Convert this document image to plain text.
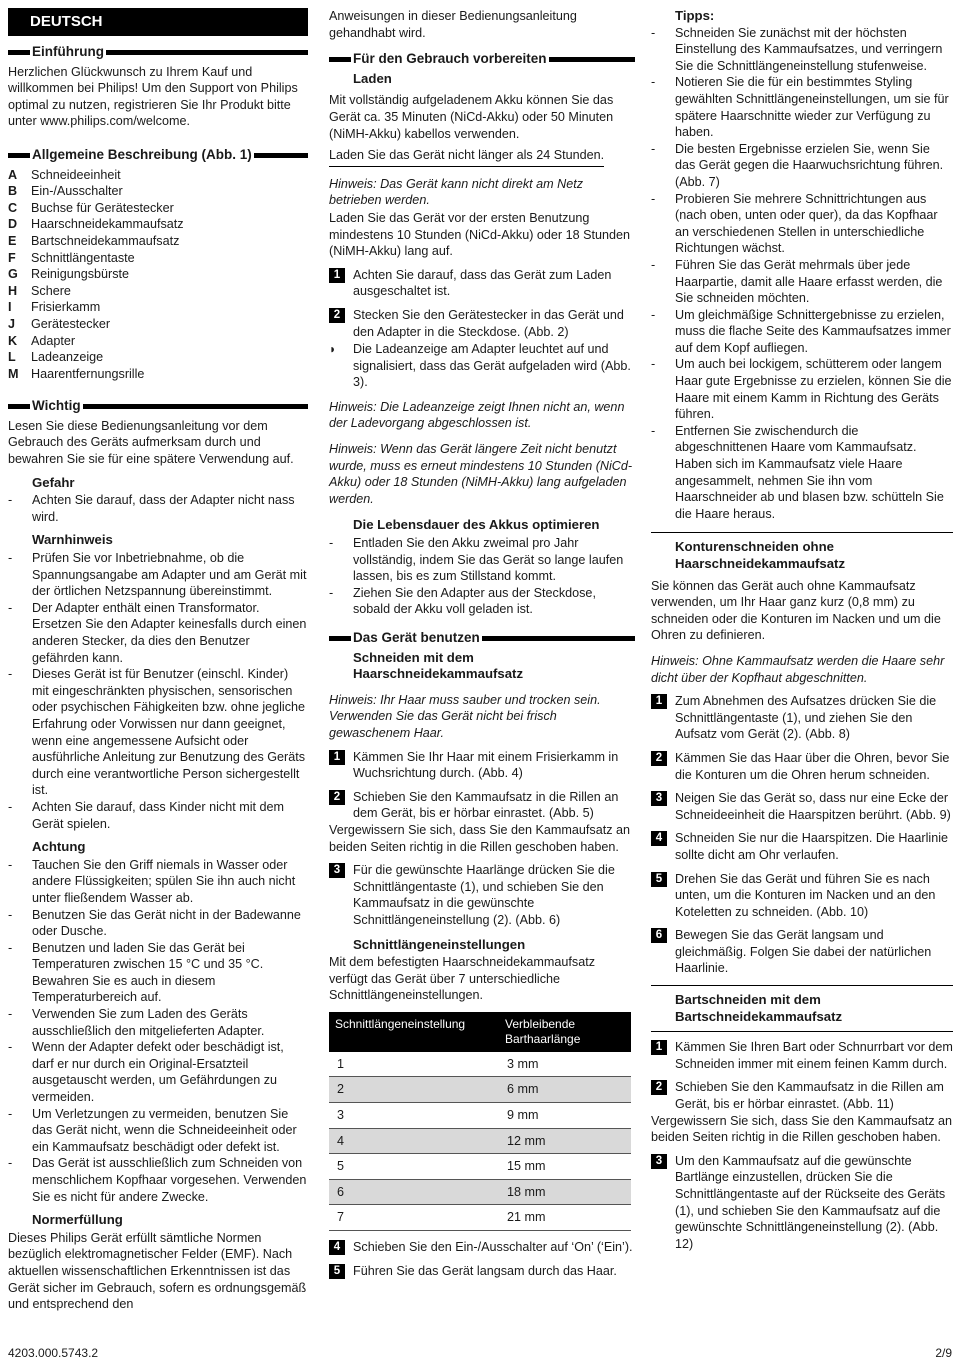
DEUTSCH
Einführung

Herzlichen Glückwunsch zu Ihrem Kauf und willkommen bei Philips! Um den Support von Philips optimal zu nutzen, registrieren Sie Ihr Produkt bitte unter www.philips.com/welcome.

Allgemeine Beschreibung (Abb. 1)
A	Schneideeinheit
B	Ein-/Ausschalter
C	Buchse für Gerätestecker
D	Haarschneidekammaufsatz
E	Bartschneidekammaufsatz
F	Schnittlängentaste
G	Reinigungsbürste
H	Schere
I	Frisierkamm
J	Gerätestecker
K	Adapter
L	Ladeanzeige
M Haarentfernungsrille
Wichtig

Lesen Sie diese Bedienungsanleitung vor dem Gebrauch des Geräts aufmerksam durch und bewahren Sie sie für eine spätere Verwendung auf.

Gefahr
- Achten Sie darauf, dass der Adapter nicht nass wird.
Warnhinweis
- Prüfen Sie vor Inbetriebnahme, ob die Spannungsangabe am Adapter und am Gerät mit der örtlichen Netzspannung übereinstimmt.
- Der Adapter enthält einen Transformator. Ersetzen Sie den Adapter keinesfalls durch einen anderen Stecker, da dies den Benutzer gefährden kann.
- Dieses Gerät ist für Benutzer (einschl. Kinder) mit eingeschränkten physischen, sensorischen oder psychischen Fähigkeiten bzw. ohne jegliche Erfahrung oder Vorwissen nur dann geeignet, wenn eine angemessene Aufsicht oder ausführliche Anleitung zur Benutzung des Geräts durch eine verantwortliche Person sichergestellt ist.
- Achten Sie darauf, dass Kinder nicht mit dem Gerät spielen.
Achtung
- Tauchen Sie den Griff niemals in Wasser oder andere Flüssigkeiten; spülen Sie ihn auch nicht unter fließendem Wasser ab.
- Benutzen Sie das Gerät nicht in der Badewanne oder Dusche.
- Benutzen und laden Sie das Gerät bei Temperaturen zwischen 15 °C und 35 °C. Bewahren Sie es auch in diesem Temperaturbereich auf.
- Verwenden Sie zum Laden des Geräts ausschließlich den mitgelieferten Adapter.
- Wenn der Adapter defekt oder beschädigt ist, darf er nur durch ein Original-Ersatzteil ausgetauscht werden, um Gefährdungen zu vermeiden.
- Um Verletzungen zu vermeiden, benutzen Sie das Gerät nicht, wenn die Schneideeinheit oder ein Kammaufsatz beschädigt oder defekt ist.
- Das Gerät ist ausschließlich zum Schneiden von menschlichem Kopfhaar vorgesehen. Verwenden Sie es nicht für andere Zwecke.
Normerfüllung

Dieses Philips Gerät erfüllt sämtliche Normen bezüglich elektromagnetischer Felder (EMF). Nach aktuellen wissenschaftlichen Erkenntnissen ist das Gerät sicher im Gebrauch, sofern es ordnungsgemäß und entsprechend den

Anweisungen in dieser Bedienungsanleitung gehandhabt wird.

Für den Gebrauch vorbereiten
Laden

Mit vollständig aufgeladenem Akku können Sie das Gerät ca. 35 Minuten (NiCd-Akku) oder 50 Minuten (NiMH-Akku) kabellos verwenden.

Laden Sie das Gerät nicht länger als 24 Stunden.

Hinweis: Das Gerät kann nicht direkt am Netz betrieben werden.

Laden Sie das Gerät vor der ersten Benutzung mindestens 10 Stunden (NiCd-Akku) oder 18 Stunden (NiMH-Akku) lang auf.

1	Achten Sie darauf, dass das Gerät zum Laden ausgeschaltet ist.
2	Stecken Sie den Gerätestecker in das Gerät und den Adapter in die Steckdose. (Abb. 2)
◗	Die Ladeanzeige am Adapter leuchtet auf und signalisiert, dass das Gerät aufgeladen wird (Abb. 3).

Hinweis: Die Ladeanzeige zeigt Ihnen nicht an, wenn der Ladevorgang abgeschlossen ist.

Hinweis: Wenn das Gerät längere Zeit nicht benutzt wurde, muss es erneut mindestens 10 Stunden (NiCd-Akku) oder 18 Stunden (NiMH-Akku) lang aufgeladen werden.

Die Lebensdauer des Akkus optimieren
- Entladen Sie den Akku zweimal pro Jahr vollständig, indem Sie das Gerät so lange laufen lassen, bis es zum Stillstand kommt.
- Ziehen Sie den Adapter aus der Steckdose, sobald der Akku voll geladen ist.
Das Gerät benutzen
Schneiden mit dem Haarschneidekammaufsatz

Hinweis: Ihr Haar muss sauber und trocken sein. Verwenden Sie das Gerät nicht bei frisch gewaschenem Haar.

1	Kämmen Sie Ihr Haar mit einem Frisierkamm in Wuchsrichtung durch. (Abb. 4)
2	Schieben Sie den Kammaufsatz in die Rillen an dem Gerät, bis er hörbar einrastet. (Abb. 5)

Vergewissern Sie sich, dass Sie den Kammaufsatz an beiden Seiten richtig in die Rillen geschoben haben.

3	Für die gewünschte Haarlänge drücken Sie die Schnittlängentaste (1), und schieben Sie den Kammaufsatz in die gewünschte Schnittlängeneinstellung (2). (Abb. 6)
Schnittlängeneinstellungen

Mit dem befestigten Haarschneidekammaufsatz verfügt das Gerät über 7 unterschiedliche Schnittlängeneinstellungen.

Schnittlängeneinstellung	Verbleibende Barthaarlänge
1	3 mm
2	6 mm
3	9 mm
4	12 mm
5	15 mm
6	18 mm
7	21 mm
4	Schieben Sie den Ein-/Ausschalter auf ‘On’ (‘Ein’).
5	Führen Sie das Gerät langsam durch das Haar.
Tipps:
- Schneiden Sie zunächst mit der höchsten Einstellung des Kammaufsatzes, und verringern Sie die Schnittlängeneinstellung stufenweise.
- Notieren Sie die für ein bestimmtes Styling gewählten Schnittlängeneinstellungen, um sie für spätere Haarschnitte wieder zur Verfügung zu haben.
- Die besten Ergebnisse erzielen Sie, wenn Sie das Gerät gegen die Haarwuchsrichtung führen. (Abb. 7)
- Probieren Sie mehrere Schnittrichtungen aus (nach oben, unten oder quer), da das Kopfhaar an verschiedenen Stellen in unterschiedliche Richtungen wächst.
- Führen Sie das Gerät mehrmals über jede Haarpartie, damit alle Haare erfasst werden, die Sie schneiden möchten.
- Um gleichmäßige Schnittergebnisse zu erzielen, muss die flache Seite des Kammaufsatzes immer auf dem Kopf aufliegen.
- Um auch bei lockigem, schütterem oder langem Haar gute Ergebnisse zu erzielen, können Sie die Haare mit einem Kamm in Richtung des Geräts führen.
- Entfernen Sie zwischendurch die abgeschnittenen Haare vom Kammaufsatz. Haben sich im Kammaufsatz viele Haare angesammelt, nehmen Sie ihn vom Haarschneider ab und blasen bzw. schütteln Sie die Haare heraus.
Konturenschneiden ohne Haarschneidekammaufsatz

Sie können das Gerät auch ohne Kammaufsatz verwenden, um Ihr Haar ganz kurz (0,8 mm) zu schneiden oder die Konturen im Nacken und um die Ohren zu definieren.

Hinweis: Ohne Kammaufsatz werden die Haare sehr dicht über der Kopfhaut abgeschnitten.

1	Zum Abnehmen des Aufsatzes drücken Sie die Schnittlängentaste (1), und ziehen Sie den Aufsatz vom Gerät (2). (Abb. 8)
2	Kämmen Sie das Haar über die Ohren, bevor Sie die Konturen um die Ohren herum schneiden.
3	Neigen Sie das Gerät so, dass nur eine Ecke der Schneideeinheit die Haarspitzen berührt. (Abb. 9)
4	Schneiden Sie nur die Haarspitzen. Die Haarlinie sollte dicht am Ohr verlaufen.
5	Drehen Sie das Gerät und führen Sie es nach unten, um die Konturen im Nacken und an den Koteletten zu schneiden. (Abb. 10)
6	Bewegen Sie das Gerät langsam und gleichmäßig. Folgen Sie dabei der natürlichen Haarlinie.
Bartschneiden mit dem Bartschneidekammaufsatz
1	Kämmen Sie Ihren Bart oder Schnurrbart vor dem Schneiden immer mit einem feinen Kamm durch.
2	Schieben Sie den Kammaufsatz in die Rillen am Gerät, bis er hörbar einrastet. (Abb. 11)

Vergewissern Sie sich, dass Sie den Kammaufsatz an beiden Seiten richtig in die Rillen geschoben haben.

3	Um den Kammaufsatz auf die gewünschte Bartlänge einzustellen, drücken Sie die Schnittlängentaste auf der Rückseite des Geräts (1), und schieben Sie den Kammaufsatz auf die gewünschte Schnittlängeneinstellung (2). (Abb. 12)
4203.000.5743.2	2/9
